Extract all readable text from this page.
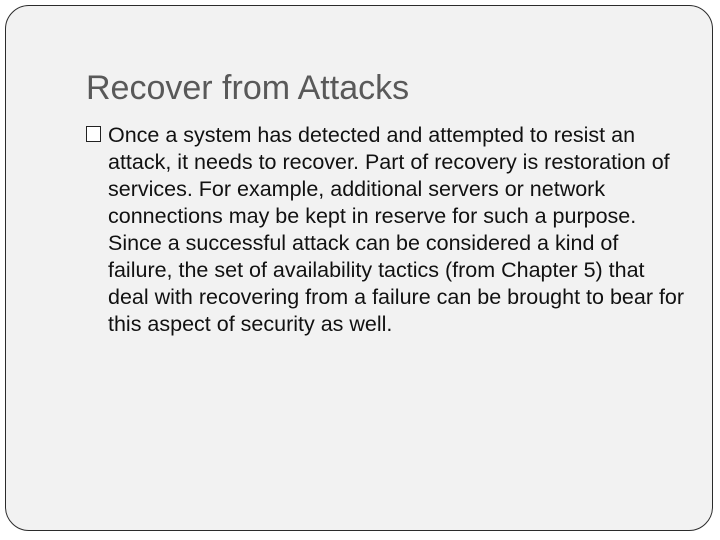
Recover from Attacks

Once a system has detected and attempted to resist an attack, it needs to recover. Part of recovery is restoration of services. For example, additional servers or network connections may be kept in reserve for such a purpose. Since a successful attack can be considered a kind of failure, the set of availability tactics (from Chapter 5) that deal with recovering from a failure can be brought to bear for this aspect of security as well.
